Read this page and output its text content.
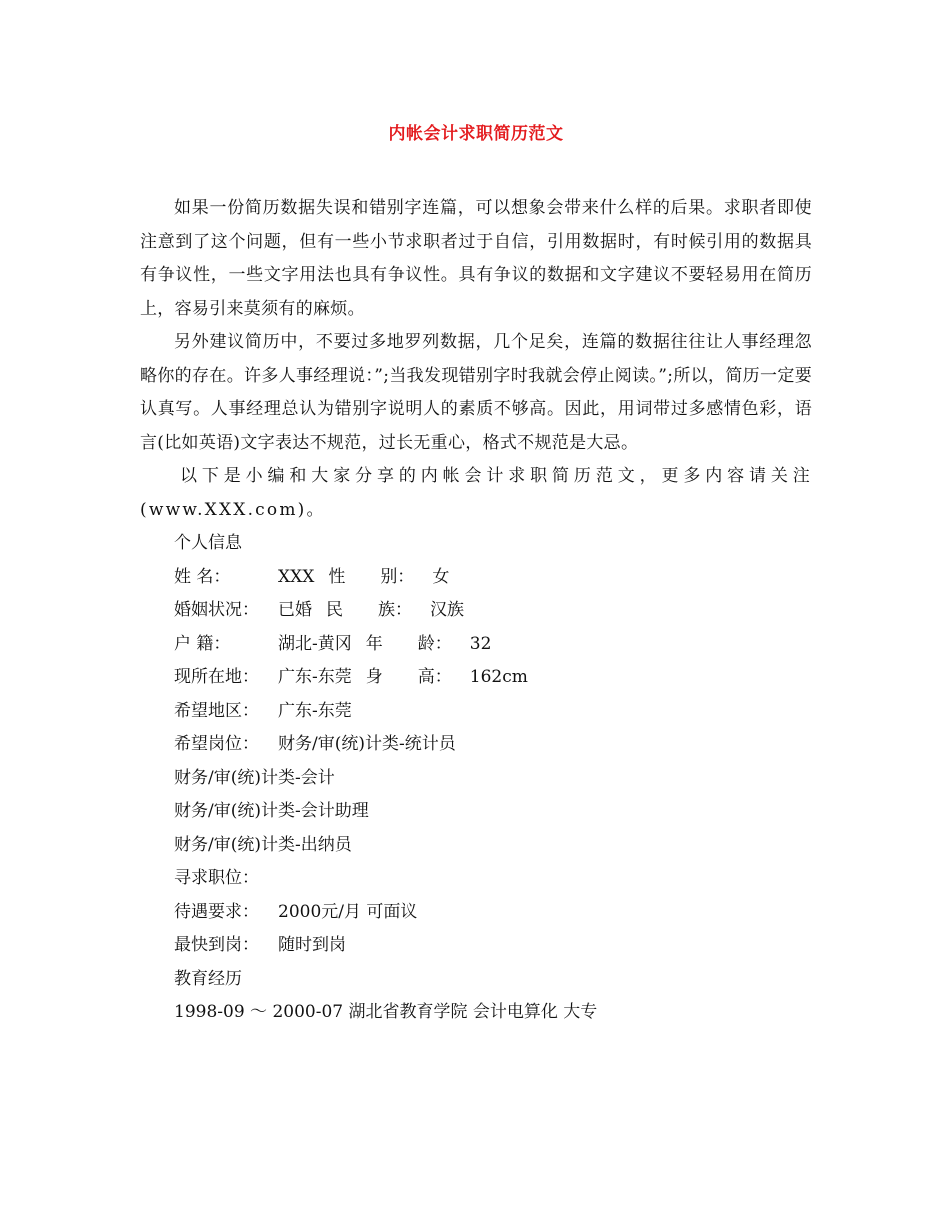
内帐会计求职简历范文

如果一份简历数据失误和错别字连篇，可以想象会带来什么样的后果。求职者即使注意到了这个问题，但有一些小节求职者过于自信，引用数据时，有时候引用的数据具有争议性，一些文字用法也具有争议性。具有争议的数据和文字建议不要轻易用在简历上，容易引来莫须有的麻烦。

另外建议简历中，不要过多地罗列数据，几个足矣，连篇的数据往往让人事经理忽略你的存在。许多人事经理说：”;当我发现错别字时我就会停止阅读。”;所以，简历一定要认真写。人事经理总认为错别字说明人的素质不够高。因此，用词带过多感情色彩，语言(比如英语)文字表达不规范，过长无重心，格式不规范是大忌。

以下是小编和大家分享的内帐会计求职简历范文，更多内容请关注(www.XXX.com)。

个人信息
姓 名：	XXX 性 别： 女
婚姻状况： 已婚 民 族： 汉族
户 籍：	湖北-黄冈 年 龄： 32
现所在地： 广东-东莞 身 高： 162cm
希望地区： 广东-东莞
希望岗位： 财务/审(统)计类-统计员
财务/审(统)计类-会计
财务/审(统)计类-会计助理
财务/审(统)计类-出纳员
寻求职位：
待遇要求： 2000元/月 可面议
最快到岗： 随时到岗
教育经历
1998-09 ～ 2000-07 湖北省教育学院 会计电算化 大专
